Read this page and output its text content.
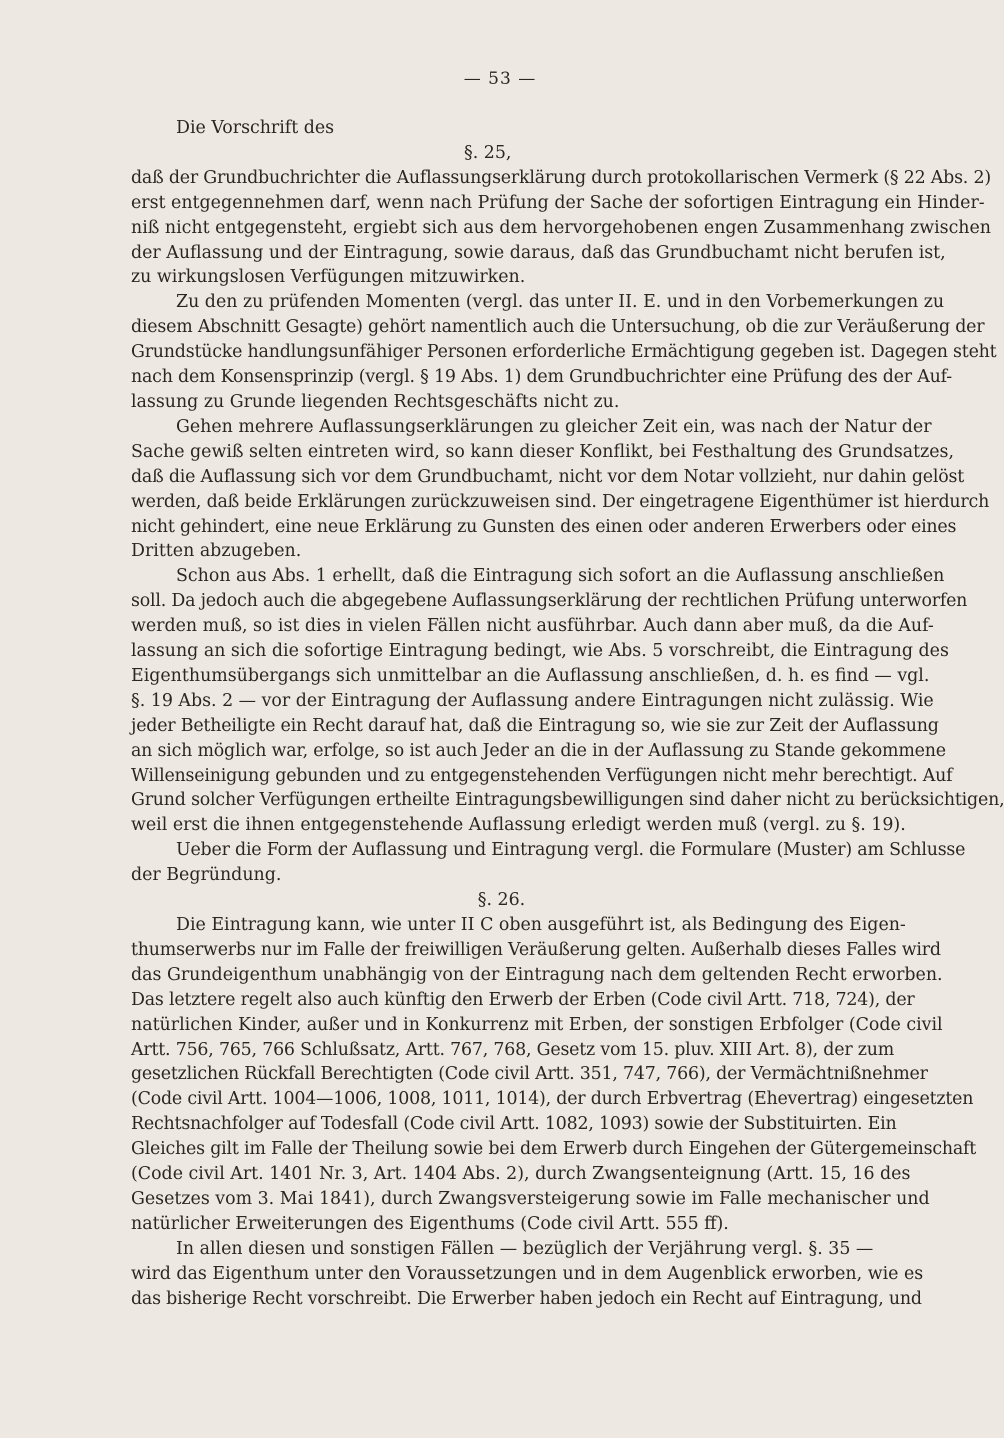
— 53 —
Die Vorschrift des
§. 25,
daß der Grundbuchrichter die Auflassungserklärung durch protokollarischen Vermerk (§ 22 Abs. 2)
erst entgegennehmen darf, wenn nach Prüfung der Sache der sofortigen Eintragung ein Hinder-
niß nicht entgegensteht, ergiebt sich aus dem hervorgehobenen engen Zusammenhang zwischen
der Auflassung und der Eintragung, sowie daraus, daß das Grundbuchamt nicht berufen ist,
zu wirkungslosen Verfügungen mitzuwirken.
Zu den zu prüfenden Momenten (vergl. das unter II. E. und in den Vorbemerkungen zu
diesem Abschnitt Gesagte) gehört namentlich auch die Untersuchung, ob die zur Veräußerung der
Grundstücke handlungsunfähiger Personen erforderliche Ermächtigung gegeben ist. Dagegen steht
nach dem Konsensprinzip (vergl. § 19 Abs. 1) dem Grundbuchrichter eine Prüfung des der Auf-
lassung zu Grunde liegenden Rechtsgeschäfts nicht zu.
Gehen mehrere Auflassungserklärungen zu gleicher Zeit ein, was nach der Natur der
Sache gewiß selten eintreten wird, so kann dieser Konflikt, bei Festhaltung des Grundsatzes,
daß die Auflassung sich vor dem Grundbuchamt, nicht vor dem Notar vollzieht, nur dahin gelöst
werden, daß beide Erklärungen zurückzuweisen sind. Der eingetragene Eigenthümer ist hierdurch
nicht gehindert, eine neue Erklärung zu Gunsten des einen oder anderen Erwerbers oder eines
Dritten abzugeben.
Schon aus Abs. 1 erhellt, daß die Eintragung sich sofort an die Auflassung anschließen
soll. Da jedoch auch die abgegebene Auflassungserklärung der rechtlichen Prüfung unterworfen
werden muß, so ist dies in vielen Fällen nicht ausführbar. Auch dann aber muß, da die Auf-
lassung an sich die sofortige Eintragung bedingt, wie Abs. 5 vorschreibt, die Eintragung des
Eigenthumsübergangs sich unmittelbar an die Auflassung anschließen, d. h. es find — vgl.
§. 19 Abs. 2 — vor der Eintragung der Auflassung andere Eintragungen nicht zulässig. Wie
jeder Betheiligte ein Recht darauf hat, daß die Eintragung so, wie sie zur Zeit der Auflassung
an sich möglich war, erfolge, so ist auch Jeder an die in der Auflassung zu Stande gekommene
Willenseinigung gebunden und zu entgegenstehenden Verfügungen nicht mehr berechtigt. Auf
Grund solcher Verfügungen ertheilte Eintragungsbewilligungen sind daher nicht zu berücksichtigen,
weil erst die ihnen entgegenstehende Auflassung erledigt werden muß (vergl. zu §. 19).
Ueber die Form der Auflassung und Eintragung vergl. die Formulare (Muster) am Schlusse
der Begründung.
§. 26.
Die Eintragung kann, wie unter II C oben ausgeführt ist, als Bedingung des Eigen-
thumserwerbs nur im Falle der freiwilligen Veräußerung gelten. Außerhalb dieses Falles wird
das Grundeigenthum unabhängig von der Eintragung nach dem geltenden Recht erworben.
Das letztere regelt also auch künftig den Erwerb der Erben (Code civil Artt. 718, 724), der
natürlichen Kinder, außer und in Konkurrenz mit Erben, der sonstigen Erbfolger (Code civil
Artt. 756, 765, 766 Schlußsatz, Artt. 767, 768, Gesetz vom 15. pluv. XIII Art. 8), der zum
gesetzlichen Rückfall Berechtigten (Code civil Artt. 351, 747, 766), der Vermächtnißnehmer
(Code civil Artt. 1004—1006, 1008, 1011, 1014), der durch Erbvertrag (Ehevertrag) eingesetzten
Rechtsnachfolger auf Todesfall (Code civil Artt. 1082, 1093) sowie der Substituirten. Ein
Gleiches gilt im Falle der Theilung sowie bei dem Erwerb durch Eingehen der Gütergemeinschaft
(Code civil Art. 1401 Nr. 3, Art. 1404 Abs. 2), durch Zwangsenteignung (Artt. 15, 16 des
Gesetzes vom 3. Mai 1841), durch Zwangsversteigerung sowie im Falle mechanischer und
natürlicher Erweiterungen des Eigenthums (Code civil Artt. 555 ff).
In allen diesen und sonstigen Fällen — bezüglich der Verjährung vergl. §. 35 —
wird das Eigenthum unter den Voraussetzungen und in dem Augenblick erworben, wie es
das bisherige Recht vorschreibt. Die Erwerber haben jedoch ein Recht auf Eintragung, und
